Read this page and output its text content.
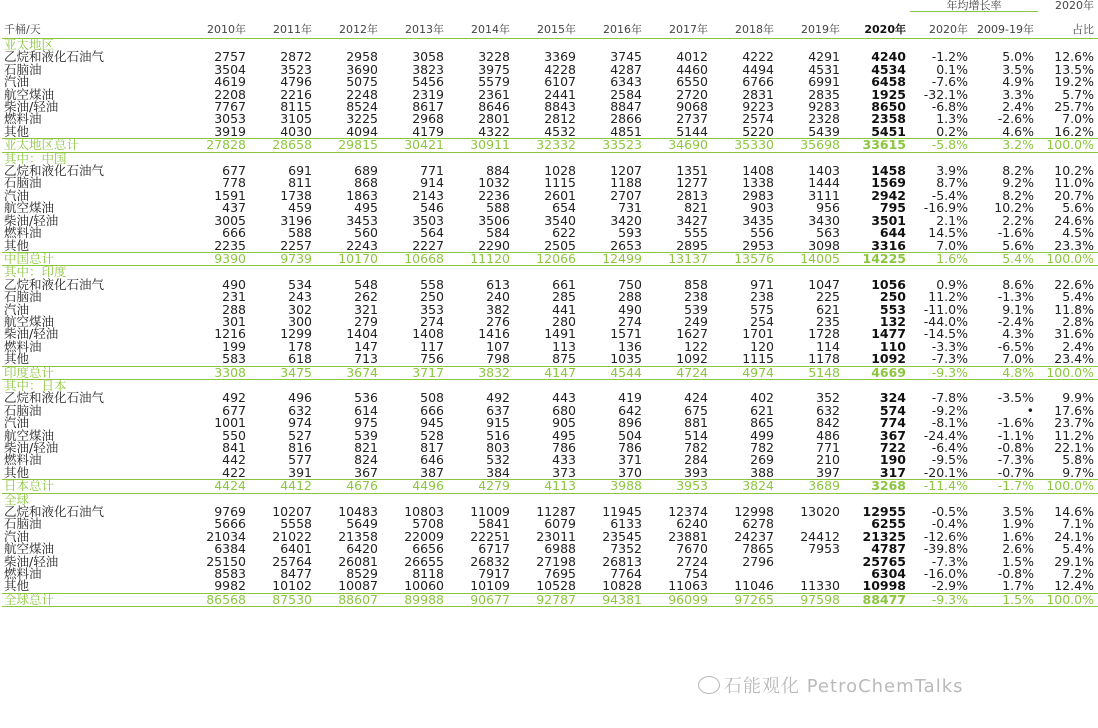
												年均增长率		2020年
千桶/天	2010年	2011年	2012年	2013年	2014年	2015年	2016年	2017年	2018年	2019年	2020年	2020年	2009-19年	占比
亚太地区														
乙烷和液化石油气	2757	2872	2958	3058	3228	3369	3745	4012	4222	4291	4240	-1.2%	5.0%	12.6%
石脑油	3504	3523	3690	3823	3975	4228	4287	4460	4494	4531	4534	0.1%	3.5%	13.5%
汽油	4619	4796	5075	5456	5579	6107	6343	6550	6766	6991	6458	-7.6%	4.9%	19.2%
航空煤油	2208	2216	2248	2319	2361	2441	2584	2720	2831	2835	1925	-32.1%	3.3%	5.7%
柴油/轻油	7767	8115	8524	8617	8646	8843	8847	9068	9223	9283	8650	-6.8%	2.4%	25.7%
燃料油	3053	3105	3225	2968	2801	2812	2866	2737	2574	2328	2358	1.3%	-2.6%	7.0%
其他	3919	4030	4094	4179	4322	4532	4851	5144	5220	5439	5451	0.2%	4.6%	16.2%
亚太地区总计	27828	28658	29815	30421	30911	32332	33523	34690	35330	35698	33615	-5.8%	3.2%	100.0%
其中：中国														
乙烷和液化石油气	677	691	689	771	884	1028	1207	1351	1408	1403	1458	3.9%	8.2%	10.2%
石脑油	778	811	868	914	1032	1115	1188	1277	1338	1444	1569	8.7%	9.2%	11.0%
汽油	1591	1738	1863	2143	2236	2601	2707	2813	2983	3111	2942	-5.4%	8.2%	20.7%
航空煤油	437	459	495	546	588	654	731	821	903	956	795	-16.9%	10.2%	5.6%
柴油/轻油	3005	3196	3453	3503	3506	3540	3420	3427	3435	3430	3501	2.1%	2.2%	24.6%
燃料油	666	588	560	564	584	622	593	555	556	563	644	14.5%	-1.6%	4.5%
其他	2235	2257	2243	2227	2290	2505	2653	2895	2953	3098	3316	7.0%	5.6%	23.3%
中国总计	9390	9739	10170	10668	11120	12066	12499	13137	13576	14005	14225	1.6%	5.4%	100.0%
其中：印度														
乙烷和液化石油气	490	534	548	558	613	661	750	858	971	1047	1056	0.9%	8.6%	22.6%
石脑油	231	243	262	250	240	285	288	238	238	225	250	11.2%	-1.3%	5.4%
汽油	288	302	321	353	382	441	490	539	575	621	553	-11.0%	9.1%	11.8%
航空煤油	301	300	279	274	276	280	274	249	254	235	132	-44.0%	-2.4%	2.8%
柴油/轻油	1216	1299	1404	1408	1416	1491	1571	1627	1701	1728	1477	-14.5%	4.3%	31.6%
燃料油	199	178	147	117	107	113	136	122	120	114	110	-3.3%	-6.5%	2.4%
其他	583	618	713	756	798	875	1035	1092	1115	1178	1092	-7.3%	7.0%	23.4%
印度总计	3308	3475	3674	3717	3832	4147	4544	4724	4974	5148	4669	-9.3%	4.8%	100.0%
其中：日本														
乙烷和液化石油气	492	496	536	508	492	443	419	424	402	352	324	-7.8%	-3.5%	9.9%
石脑油	677	632	614	666	637	680	642	675	621	632	574	-9.2%	•	17.6%
汽油	1001	974	975	945	915	905	896	881	865	842	774	-8.1%	-1.6%	23.7%
航空煤油	550	527	539	528	516	495	504	514	499	486	367	-24.4%	-1.1%	11.2%
柴油/轻油	841	816	821	817	803	786	786	782	782	771	722	-6.4%	-0.8%	22.1%
燃料油	442	577	824	646	532	433	371	284	269	210	190	-9.5%	-7.3%	5.8%
其他	422	391	367	387	384	373	370	393	388	397	317	-20.1%	-0.7%	9.7%
日本总计	4424	4412	4676	4496	4279	4113	3988	3953	3824	3689	3268	-11.4%	-1.7%	100.0%
全球														
乙烷和液化石油气	9769	10207	10483	10803	11009	11287	11945	12374	12998	13020	12955	-0.5%	3.5%	14.6%
石脑油	5666	5558	5649	5708	5841	6079	6133	6240	6278		6255	-0.4%	1.9%	7.1%
汽油	21034	21022	21358	22009	22251	23011	23545	23881	24237	24412	21325	-12.6%	1.6%	24.1%
航空煤油	6384	6401	6420	6656	6717	6988	7352	7670	7865	7953	4787	-39.8%	2.6%	5.4%
柴油/轻油	25150	25764	26081	26655	26832	27198	26813	2724	2796		25765	-7.3%	1.5%	29.1%
燃料油	8583	8477	8529	8118	7917	7695	7764	754			6304	-16.0%	-0.8%	7.2%
其他	9982	10102	10087	10060	10109	10528	10828	11063	11046	11330	10998	-2.9%	1.7%	12.4%
全球总计	86568	87530	88607	89988	90677	92787	94381	96099	97265	97598	88477	-9.3%	1.5%	100.0%
石能观化 PetroChemTalks
